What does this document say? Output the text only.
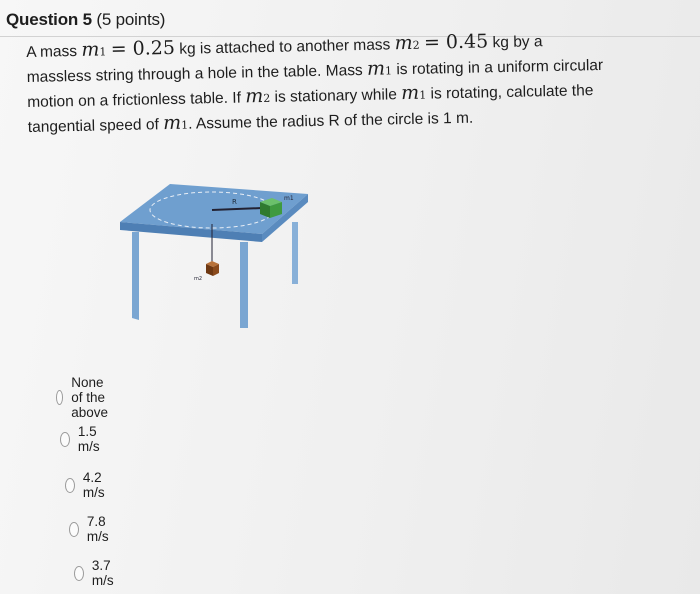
Question 5 (5 points)
A mass m1 = 0.25 kg is attached to another mass m2 = 0.45 kg by a
massless string through a hole in the table. Mass m1 is rotating in a uniform circular
motion on a frictionless table. If m2 is stationary while m1 is rotating, calculate the
tangential speed of m1. Assume the radius R of the circle is 1 m.
R	m1
m2
None of the above
1.5 m/s
4.2 m/s
7.8 m/s
3.7 m/s
